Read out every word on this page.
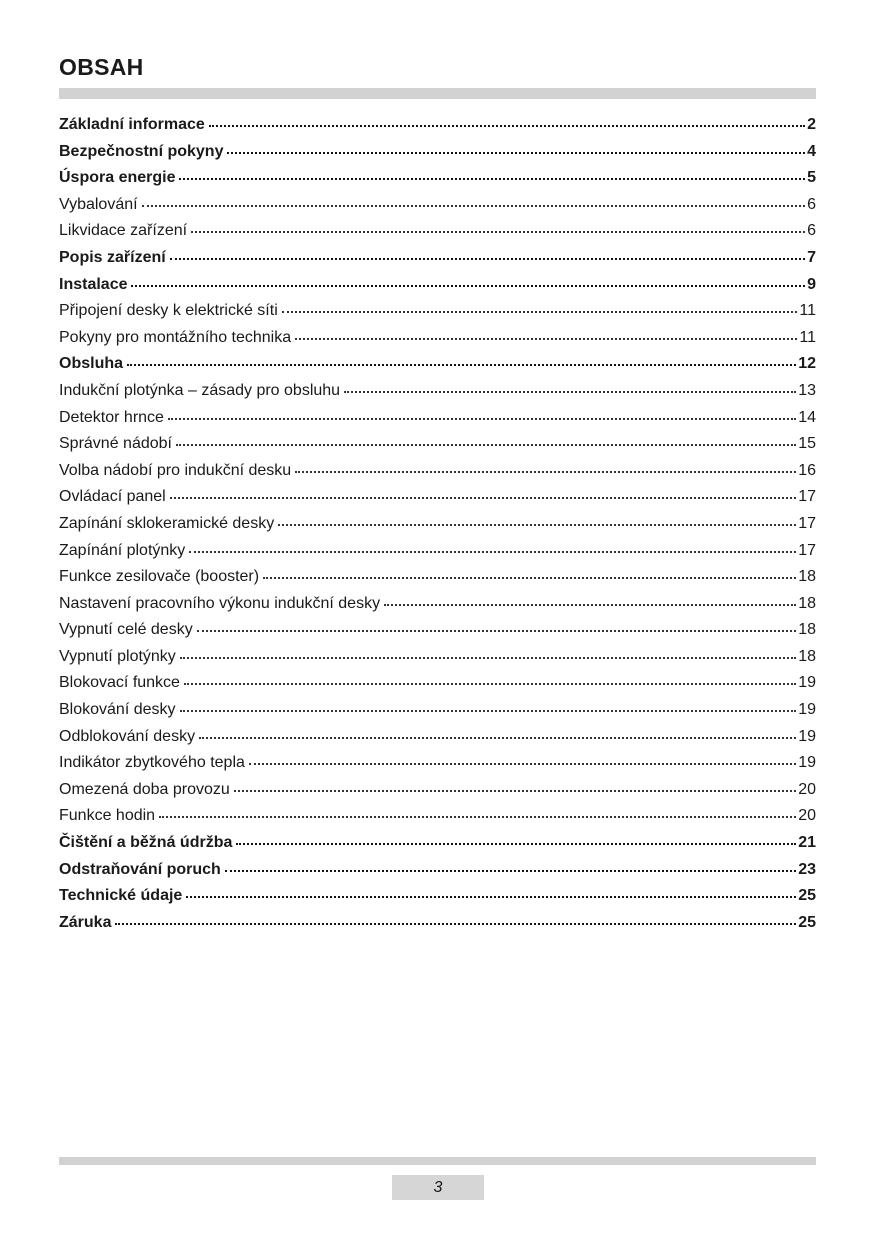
OBSAH
Základní informace	2
Bezpečnostní pokyny	4
Úspora energie	5
Vybalování	6
Likvidace zařízení	6
Popis zařízení	7
Instalace	9
Připojení desky k elektrické síti	11
Pokyny pro montážního technika	11
Obsluha	12
Indukční plotýnka – zásady pro obsluhu	13
Detektor hrnce	14
Správné nádobí	15
Volba nádobí pro indukční desku	16
Ovládací panel	17
Zapínání sklokeramické desky	17
Zapínání plotýnky	17
Funkce zesilovače (booster)	18
Nastavení pracovního výkonu indukční desky	18
Vypnutí celé desky	18
Vypnutí plotýnky	18
Blokovací funkce	19
Blokování desky	19
Odblokování desky	19
Indikátor zbytkového tepla	19
Omezená doba provozu	20
Funkce hodin	20
Čištění a běžná údržba	21
Odstraňování poruch	23
Technické údaje	25
Záruka	25
3
